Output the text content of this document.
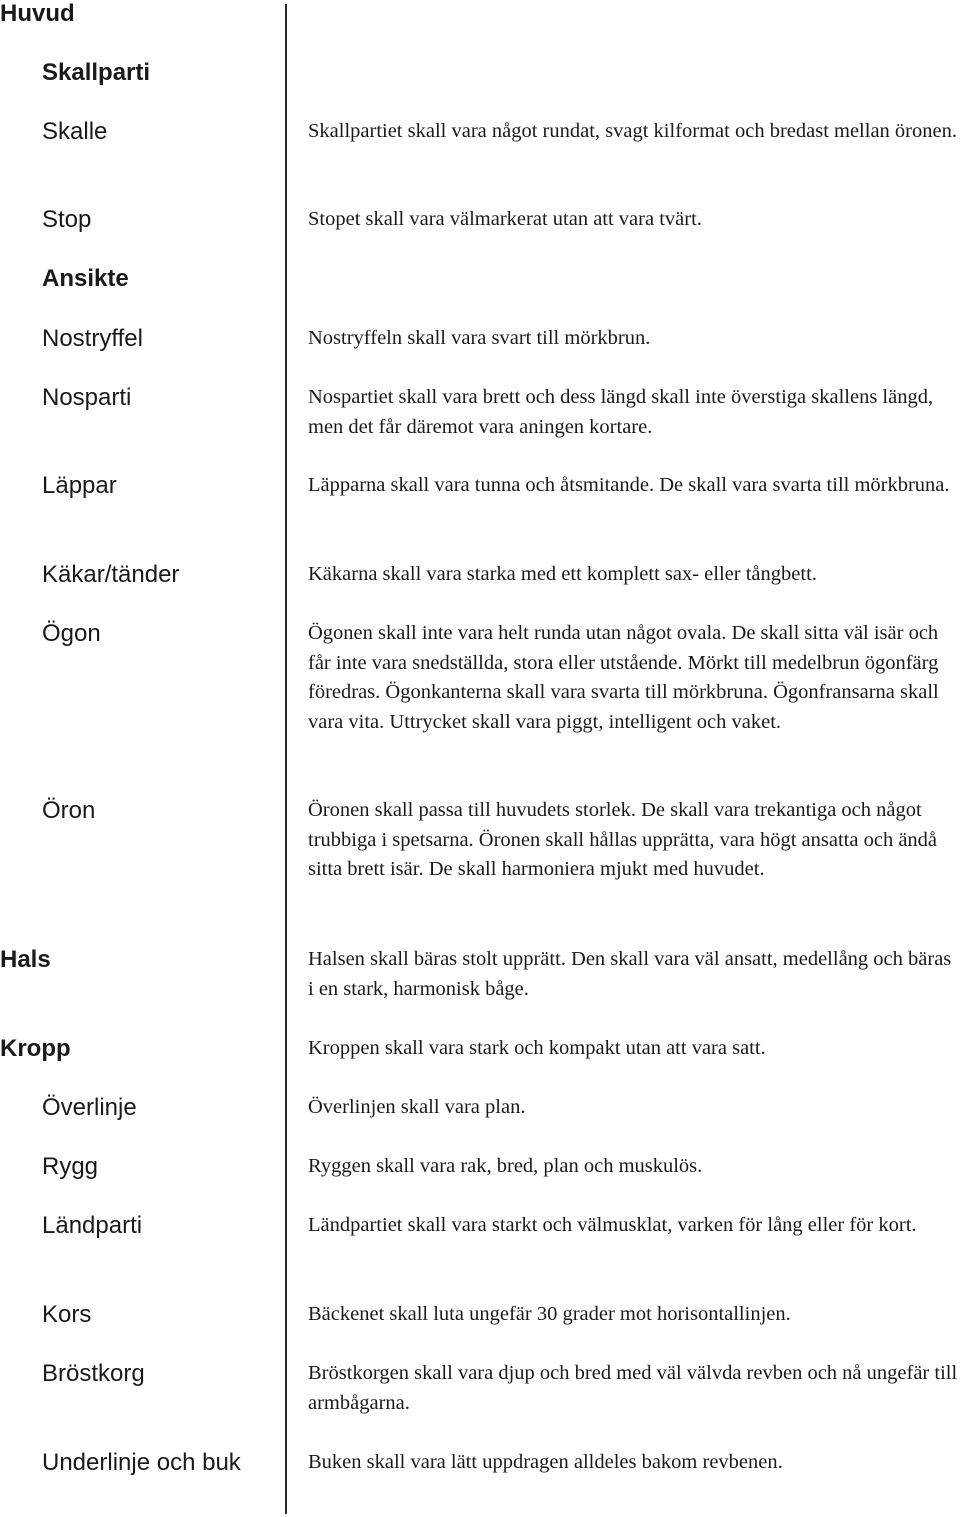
Huvud
Skallparti
Skalle
Stop
Ansikte
Nostryffel
Nosparti
Läppar
Käkar/tänder
Ögon
Öron
Hals
Kropp
Överlinje
Rygg
Ländparti
Kors
Bröstkorg
Underlinje och buk
Skallpartiet skall vara något rundat, svagt kilformat och bredast mellan öronen.
Stopet skall vara välmarkerat utan att vara tvärt.
Nostryffeln skall vara svart till mörkbrun.
Nospartiet skall vara brett och dess längd skall inte överstiga skallens längd, men det får däremot vara aningen kortare.
Läpparna skall vara tunna och åtsmitande. De skall vara svarta till mörkbruna.
Käkarna skall vara starka med ett komplett sax- eller tångbett.
Ögonen skall inte vara helt runda utan något ovala. De skall sitta väl isär och får inte vara snedställda, stora eller utstående. Mörkt till medelbrun ögonfärg föredras. Ögonkanterna skall vara svarta till mörkbruna. Ögonfransarna skall vara vita. Uttrycket skall vara piggt, intelligent och vaket.
Öronen skall passa till huvudets storlek. De skall vara trekantiga och något trubbiga i spetsarna. Öronen skall hållas upprätta, vara högt ansatta och ändå sitta brett isär. De skall harmoniera mjukt med huvudet.
Halsen skall bäras stolt upprätt. Den skall vara väl ansatt, medellång och bäras i en stark, harmonisk båge.
Kroppen skall vara stark och kompakt utan att vara satt.
Överlinjen skall vara plan.
Ryggen skall vara rak, bred, plan och muskulös.
Ländpartiet skall vara starkt och välmusklat, varken för lång eller för kort.
Bäckenet skall luta ungefär 30 grader mot horisontallinjen.
Bröstkorgen skall vara djup och bred med väl välvda revben och nå ungefär till armbågarna.
Buken skall vara lätt uppdragen alldeles bakom revbenen.
